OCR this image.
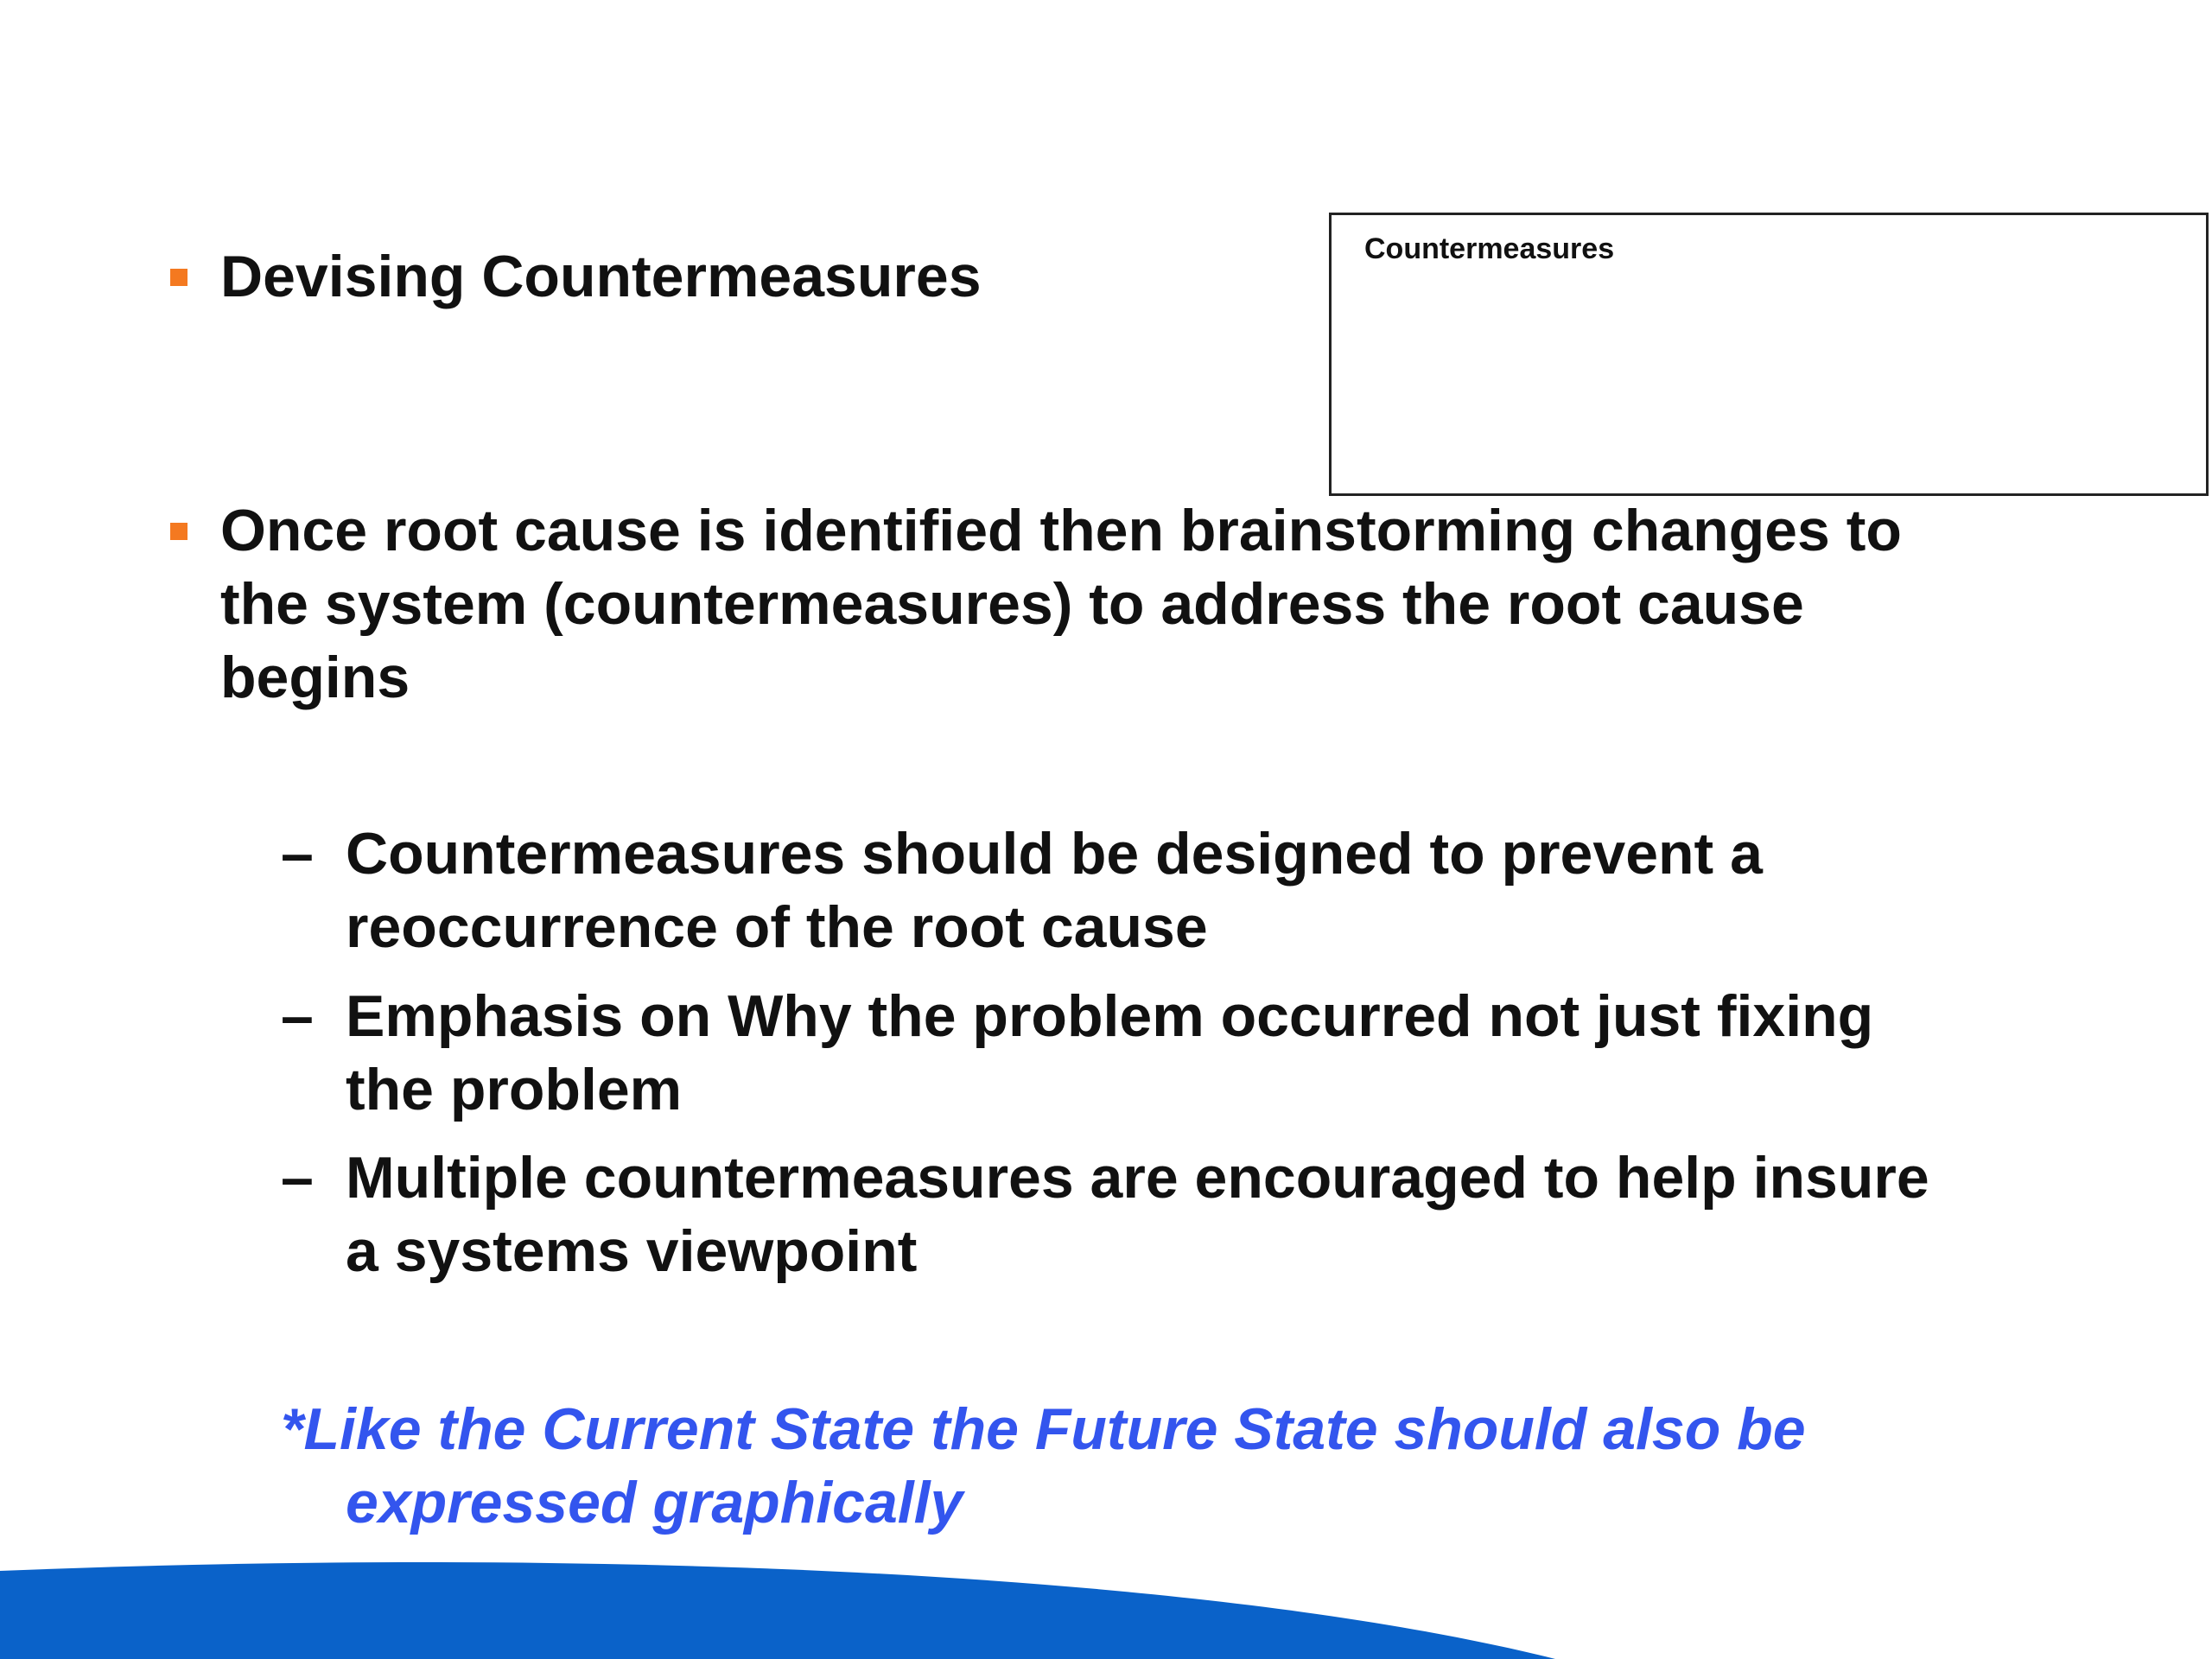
Devising Countermeasures	Countermeasures
Once root cause is identified then brainstorming changes to
the system (countermeasures) to address the root cause
begins
– Countermeasures should be designed to prevent a
reoccurrence of the root cause
– Emphasis on Why the problem occurred not just fixing
the problem
– Multiple countermeasures are encouraged to help insure
a systems viewpoint
*Like the Current State the Future State should also be
expressed graphically
